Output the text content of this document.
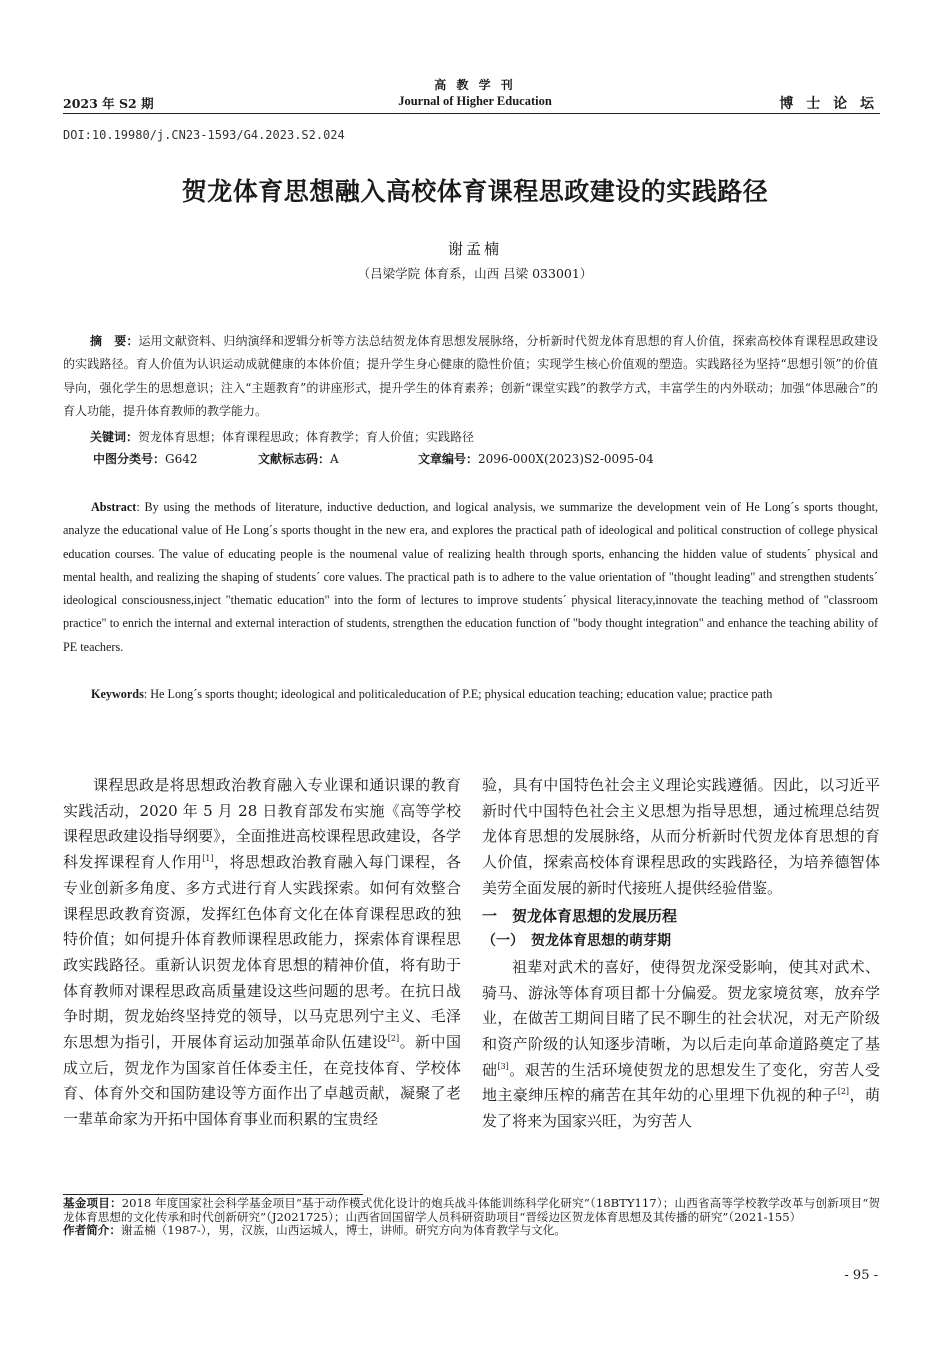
高 教 学 刊
Journal of Higher Education
2023 年 S2 期	博 士 论 坛
DOI:10.19980/j.CN23-1593/G4.2023.S2.024
贺龙体育思想融入高校体育课程思政建设的实践路径
谢孟楠
（吕梁学院 体育系，山西 吕梁 033001）
摘　要：运用文献资料、归纳演绎和逻辑分析等方法总结贺龙体育思想发展脉络，分析新时代贺龙体育思想的育人价值，探索高校体育课程思政建设的实践路径。育人价值为认识运动成就健康的本体价值；提升学生身心健康的隐性价值；实现学生核心价值观的塑造。实践路径为坚持“思想引领”的价值导向，强化学生的思想意识；注入“主题教育”的讲座形式，提升学生的体育素养；创新“课堂实践”的教学方式，丰富学生的内外联动；加强“体思融合”的育人功能，提升体育教师的教学能力。
关键词：贺龙体育思想；体育课程思政；体育教学；育人价值；实践路径
中图分类号：G642	文献标志码：A	文章编号：2096-000X(2023)S2-0095-04
Abstract: By using the methods of literature, inductive deduction, and logical analysis, we summarize the development vein of He Long´s sports thought, analyze the educational value of He Long´s sports thought in the new era, and explores the practical path of ideological and political construction of college physical education courses. The value of educating people is the noumenal value of realizing health through sports, enhancing the hidden value of students´ physical and mental health, and realizing the shaping of students´ core values. The practical path is to adhere to the value orientation of "thought leading" and strengthen students´ ideological consciousness,inject "thematic education" into the form of lectures to improve students´ physical literacy,innovate the teaching method of "classroom practice" to enrich the internal and external interaction of students, strengthen the education function of "body thought integration" and enhance the teaching ability of PE teachers.
Keywords: He Long´s sports thought; ideological and politicaleducation of P.E; physical education teaching; education value; practice path

课程思政是将思想政治教育融入专业课和通识课的教育实践活动，2020 年 5 月 28 日教育部发布实施《高等学校课程思政建设指导纲要》，全面推进高校课程思政建设，各学科发挥课程育人作用[1]，将思想政治教育融入每门课程，各专业创新多角度、多方式进行育人实践探索。如何有效整合课程思政教育资源，发挥红色体育文化在体育课程思政的独特价值；如何提升体育教师课程思政能力，探索体育课程思政实践路径。重新认识贺龙体育思想的精神价值，将有助于体育教师对课程思政高质量建设这些问题的思考。在抗日战争时期，贺龙始终坚持党的领导，以马克思列宁主义、毛泽东思想为指引，开展体育运动加强革命队伍建设[2]。新中国成立后，贺龙作为国家首任体委主任，在竞技体育、学校体育、体育外交和国防建设等方面作出了卓越贡献，凝聚了老一辈革命家为开拓中国体育事业而积累的宝贵经

验，具有中国特色社会主义理论实践遵循。因此，以习近平新时代中国特色社会主义思想为指导思想，通过梳理总结贺龙体育思想的发展脉络，从而分析新时代贺龙体育思想的育人价值，探索高校体育课程思政的实践路径，为培养德智体美劳全面发展的新时代接班人提供经验借鉴。

一　贺龙体育思想的发展历程
（一）　贺龙体育思想的萌芽期

祖辈对武术的喜好，使得贺龙深受影响，使其对武术、骑马、游泳等体育项目都十分偏爱。贺龙家境贫寒，放弃学业，在做苦工期间目睹了民不聊生的社会状况，对无产阶级和资产阶级的认知逐步清晰，为以后走向革命道路奠定了基础[3]。艰苦的生活环境使贺龙的思想发生了变化，穷苦人受地主豪绅压榨的痛苦在其年幼的心里埋下仇视的种子[2]，萌发了将来为国家兴旺，为穷苦人

基金项目：2018 年度国家社会科学基金项目“基于动作模式优化设计的炮兵战斗体能训练科学化研究”（18BTY117）；山西省高等学校教学改革与创新项目“贺龙体育思想的文化传承和时代创新研究”（J2021725）；山西省回国留学人员科研资助项目“晋绥边区贺龙体育思想及其传播的研究”（2021-155）
作者简介：谢孟楠（1987-），男，汉族，山西运城人，博士，讲师。研究方向为体育教学与文化。
- 95 -
